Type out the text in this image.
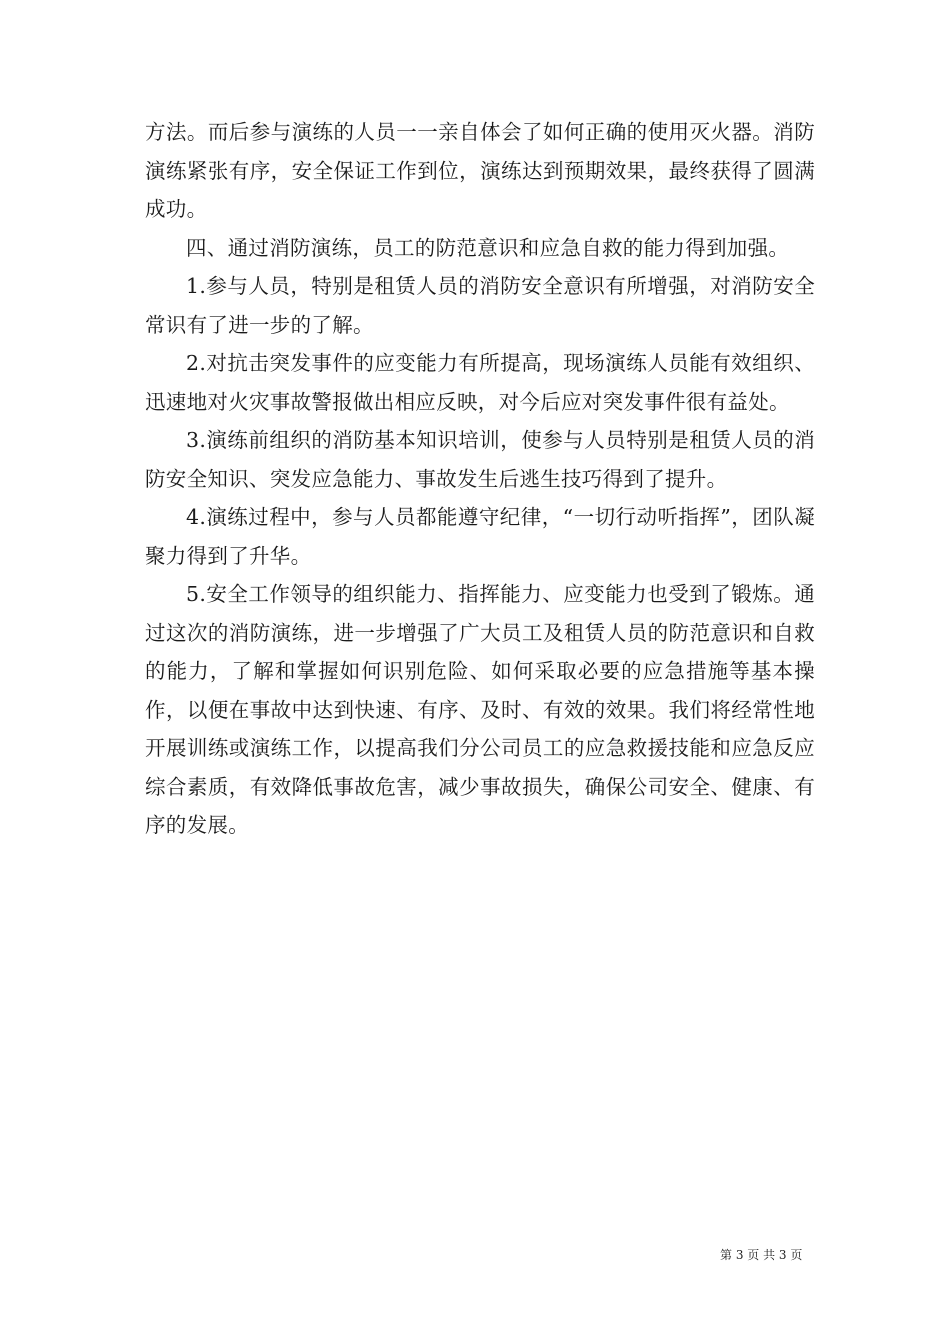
方法。而后参与演练的人员一一亲自体会了如何正确的使用灭火器。消防演练紧张有序，安全保证工作到位，演练达到预期效果，最终获得了圆满成功。

四、通过消防演练，员工的防范意识和应急自救的能力得到加强。

1.参与人员，特别是租赁人员的消防安全意识有所增强，对消防安全常识有了进一步的了解。

2.对抗击突发事件的应变能力有所提高，现场演练人员能有效组织、迅速地对火灾事故警报做出相应反映，对今后应对突发事件很有益处。

3.演练前组织的消防基本知识培训，使参与人员特别是租赁人员的消防安全知识、突发应急能力、事故发生后逃生技巧得到了提升。

4.演练过程中，参与人员都能遵守纪律，“一切行动听指挥”，团队凝聚力得到了升华。

5.安全工作领导的组织能力、指挥能力、应变能力也受到了锻炼。通过这次的消防演练，进一步增强了广大员工及租赁人员的防范意识和自救的能力，了解和掌握如何识别危险、如何采取必要的应急措施等基本操作，以便在事故中达到快速、有序、及时、有效的效果。我们将经常性地开展训练或演练工作，以提高我们分公司员工的应急救援技能和应急反应综合素质，有效降低事故危害，减少事故损失，确保公司安全、健康、有序的发展。

第 3 页 共 3 页
